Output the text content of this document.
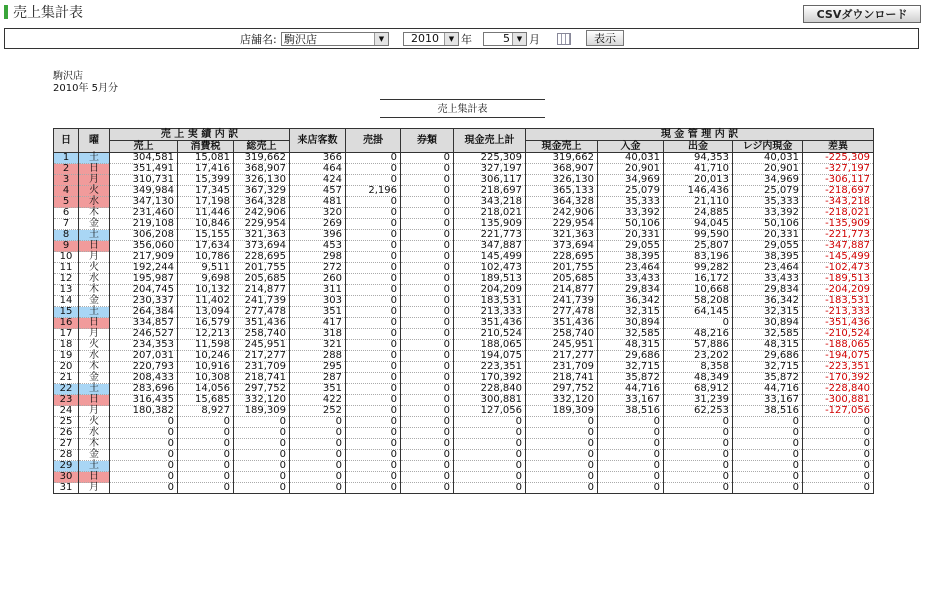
売上集計表	CSVダウンロード
店舗名: 駒沢店	▼	2010	▼ 年	5 ▼ 月	表示
駒沢店
2010年 5月分
売上集計表
日	曜	売 上 実 績 内 訳			来店客数	売掛	券類	現金売上計	現 金 管 理 内 訳				
		売上	消費税	総売上					現金売上	入金	出金	レジ内現金	差異
1	土	304,581	15,081	319,662	366	0	0	225,309	319,662	40,031	94,353	40,031	-225,309
2	日	351,491	17,416	368,907	464	0	0	327,197	368,907	20,901	41,710	20,901	-327,197
3	月	310,731	15,399	326,130	424	0	0	306,117	326,130	34,969	20,013	34,969	-306,117
4	火	349,984	17,345	367,329	457	2,196	0	218,697	365,133	25,079	146,436	25,079	-218,697
5	水	347,130	17,198	364,328	481	0	0	343,218	364,328	35,333	21,110	35,333	-343,218
6	木	231,460	11,446	242,906	320	0	0	218,021	242,906	33,392	24,885	33,392	-218,021
7	金	219,108	10,846	229,954	269	0	0	135,909	229,954	50,106	94,045	50,106	-135,909
8	土	306,208	15,155	321,363	396	0	0	221,773	321,363	20,331	99,590	20,331	-221,773
9	日	356,060	17,634	373,694	453	0	0	347,887	373,694	29,055	25,807	29,055	-347,887
10	月	217,909	10,786	228,695	298	0	0	145,499	228,695	38,395	83,196	38,395	-145,499
11	火	192,244	9,511	201,755	272	0	0	102,473	201,755	23,464	99,282	23,464	-102,473
12	水	195,987	9,698	205,685	260	0	0	189,513	205,685	33,433	16,172	33,433	-189,513
13	木	204,745	10,132	214,877	311	0	0	204,209	214,877	29,834	10,668	29,834	-204,209
14	金	230,337	11,402	241,739	303	0	0	183,531	241,739	36,342	58,208	36,342	-183,531
15	土	264,384	13,094	277,478	351	0	0	213,333	277,478	32,315	64,145	32,315	-213,333
16	日	334,857	16,579	351,436	417	0	0	351,436	351,436	30,894	0	30,894	-351,436
17	月	246,527	12,213	258,740	318	0	0	210,524	258,740	32,585	48,216	32,585	-210,524
18	火	234,353	11,598	245,951	321	0	0	188,065	245,951	48,315	57,886	48,315	-188,065
19	水	207,031	10,246	217,277	288	0	0	194,075	217,277	29,686	23,202	29,686	-194,075
20	木	220,793	10,916	231,709	295	0	0	223,351	231,709	32,715	8,358	32,715	-223,351
21	金	208,433	10,308	218,741	287	0	0	170,392	218,741	35,872	48,349	35,872	-170,392
22	土	283,696	14,056	297,752	351	0	0	228,840	297,752	44,716	68,912	44,716	-228,840
23	日	316,435	15,685	332,120	422	0	0	300,881	332,120	33,167	31,239	33,167	-300,881
24	月	180,382	8,927	189,309	252	0	0	127,056	189,309	38,516	62,253	38,516	-127,056
25	火	0	0	0	0	0	0	0	0	0	0	0	0
26	水	0	0	0	0	0	0	0	0	0	0	0	0
27	木	0	0	0	0	0	0	0	0	0	0	0	0
28	金	0	0	0	0	0	0	0	0	0	0	0	0
29	土	0	0	0	0	0	0	0	0	0	0	0	0
30	日	0	0	0	0	0	0	0	0	0	0	0	0
31	月	0	0	0	0	0	0	0	0	0	0	0	0
